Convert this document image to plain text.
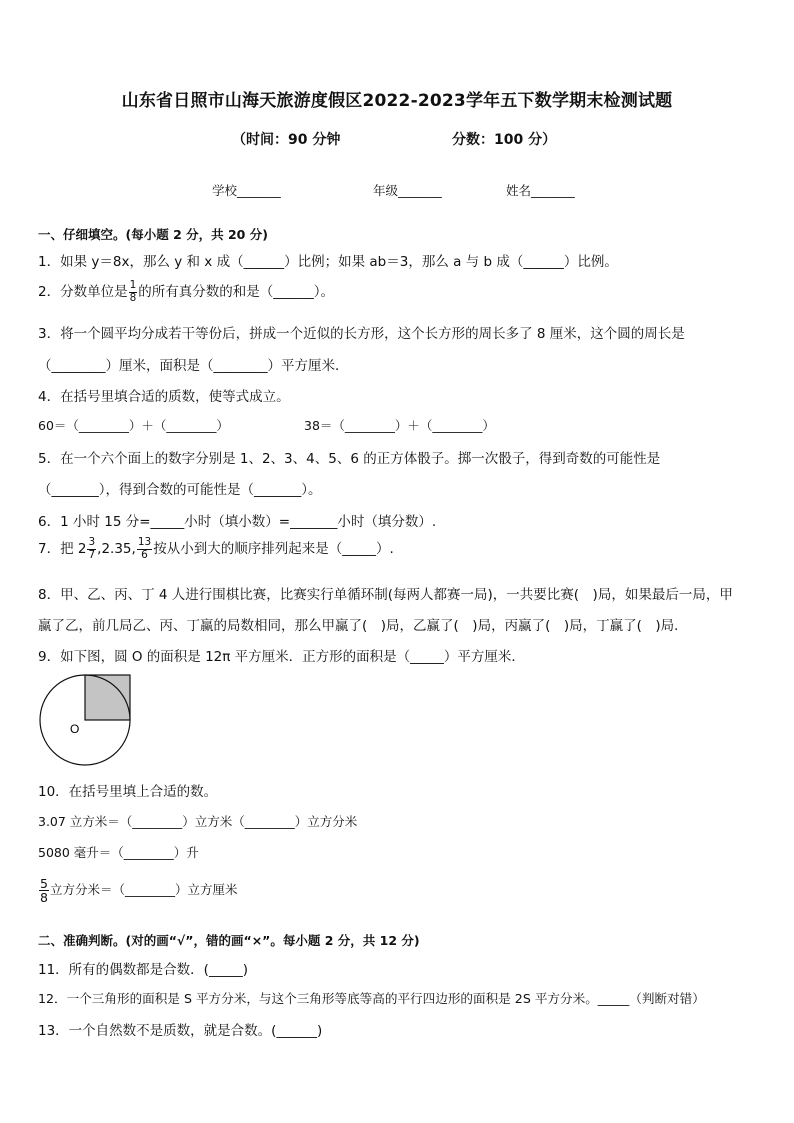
山东省日照市山海天旅游度假区2022-2023学年五下数学期末检测试题
（时间：90 分钟	分数：100 分）
学校_______	年级_______	姓名_______
一、仔细填空。(每小题 2 分，共 20 分)
1．如果 y＝8x，那么 y 和 x 成（______）比例；如果 ab＝3，那么 a 与 b 成（______）比例。
2．分数单位是 $\frac{1}{8}$ 的所有真分数的和是（______）。
3．将一个圆平均分成若干等份后，拼成一个近似的长方形，这个长方形的周长多了 8 厘米，这个圆的周长是
（________）厘米，面积是（________）平方厘米．
4．在括号里填合适的质数，使等式成立。
60＝（________）＋（________）	38＝（________）＋（________）
5．在一个六个面上的数字分别是 1、2、3、4、5、6 的正方体骰子。掷一次骰子，得到奇数的可能性是
（_______），得到合数的可能性是（_______）。
6．1 小时 15 分=_____小时（填小数）=_______小时（填分数）.
7．把 $2 \frac{3}{7} ,2.35$, $\frac{13}{6}$ 按从小到大的顺序排列起来是（_____）.
8．甲、乙、丙、丁 4 人进行围棋比赛，比赛实行单循环制(每两人都赛一局)，一共要比赛(　)局，如果最后一局，甲
赢了乙，前几局乙、丙、丁赢的局数相同，那么甲赢了(　)局，乙赢了(　)局，丙赢了(　)局，丁赢了(　)局．
9．如下图，圆 O 的面积是 12π 平方厘米．正方形的面积是（_____）平方厘米．
O
10．在括号里填上合适的数。
3.07 立方米＝（________）立方米（________）立方分米
5080 毫升＝（________）升
$\frac{5}{8}$ 立方分米＝（________）立方厘米
二、准确判断。(对的画“√”，错的画“×”。每小题 2 分，共 12 分)
11．所有的偶数都是合数．(_____)
12．一个三角形的面积是 S 平方分米，与这个三角形等底等高的平行四边形的面积是 2S 平方分米。_____（判断对错）
13．一个自然数不是质数，就是合数。(______)
